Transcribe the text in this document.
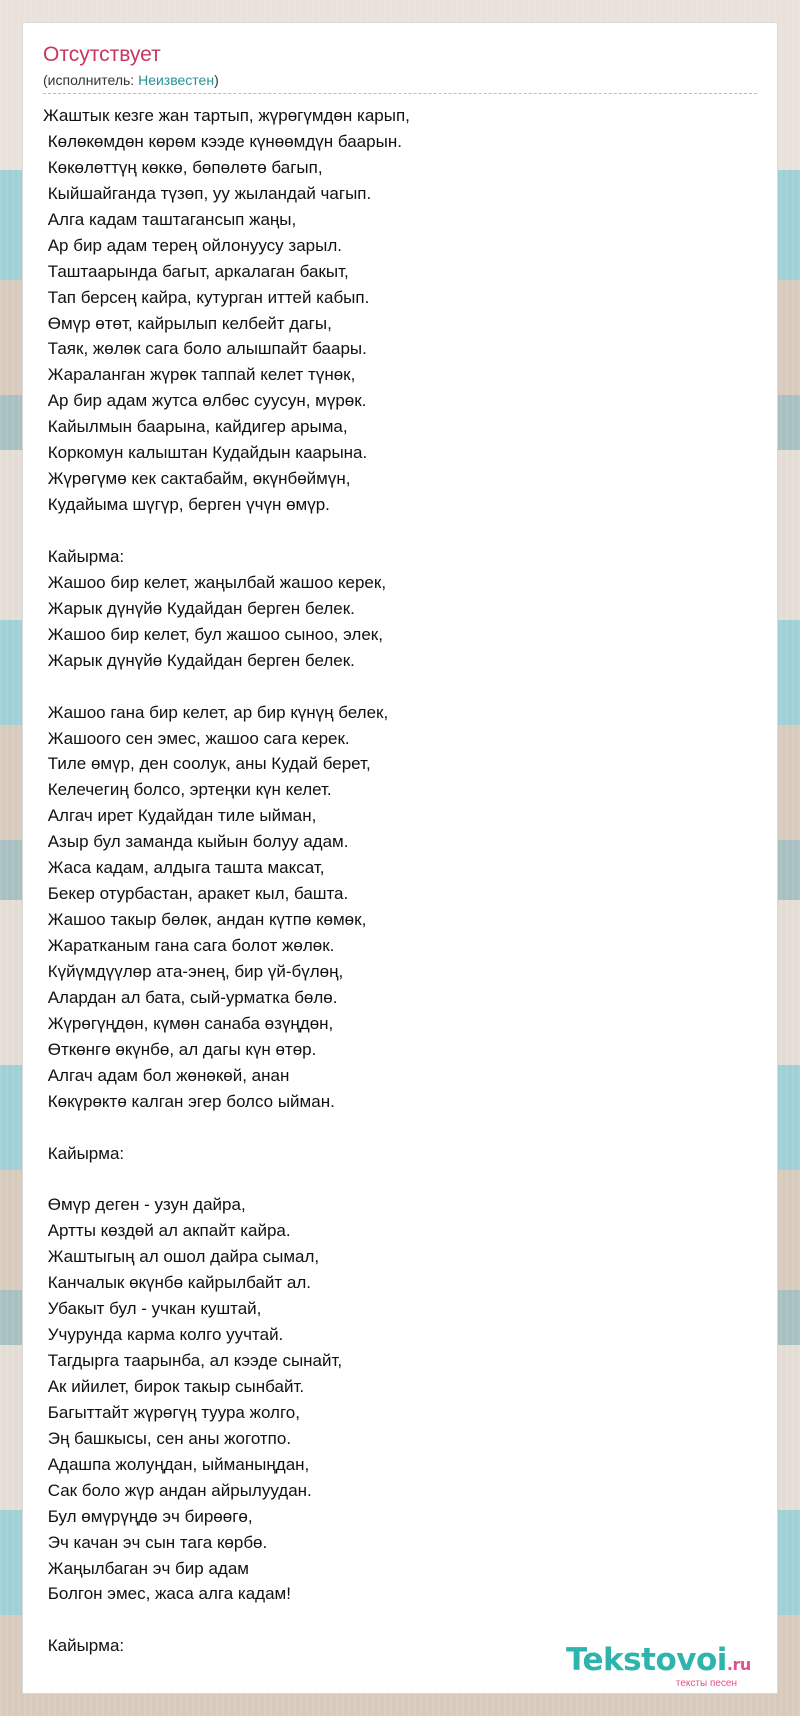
Отсутствует
(исполнитель: Неизвестен)
Жаштык кезге жан тартып, жүрөгүмдөн карып,
Көлөкөмдөн көрөм кээде күнөөмдүн баарын.
Көкөлөттүң көккө, бөпөлөтө багып,
Кыйшайганда түзөп, уу жыландай чагып.
Алга кадам таштагансып жаңы,
Ар бир адам терең ойлонуусу зарыл.
Таштаарында багыт, аркалаган бакыт,
Тап берсең кайра, кутурган иттей кабып.
Өмүр өтөт, кайрылып келбейт дагы,
Таяк, жөлөк сага боло алышпайт баары.
Жараланган жүрөк таппай келет түнөк,
Ар бир адам жутса өлбөс суусун, мүрөк.
Кайылмын баарына, кайдигер арыма,
Коркомун калыштан Кудайдын каарына.
Жүрөгүмө кек сактабайм, өкүнбөймүн,
Кудайыма шүгүр, берген үчүн өмүр.
Кайырма:
Жашоо бир келет, жаңылбай жашоо керек,
Жарык дүнүйө Кудайдан берген белек.
Жашоо бир келет, бул жашоо сыноо, элек,
Жарык дүнүйө Кудайдан берген белек.
Жашоо гана бир келет, ар бир күнүң белек,
Жашоого сен эмес, жашоо сага керек.
Тиле өмүр, ден соолук, аны Кудай берет,
Келечегиң болсо, эртеңки күн келет.
Алгач ирет Кудайдан тиле ыйман,
Азыр бул заманда кыйын болуу адам.
Жаса кадам, алдыга ташта максат,
Бекер отурбастан, аракет кыл, башта.
Жашоо такыр бөлөк, андан күтпө көмөк,
Жаратканым гана сага болот жөлөк.
Күйүмдүүлөр ата-энең, бир үй-бүлөң,
Алардан ал бата, сый-урматка бөлө.
Жүрөгүңдөн, күмөн санаба өзүңдөн,
Өткөнгө өкүнбө, ал дагы күн өтөр.
Алгач адам бол жөнөкөй, анан
Көкүрөктө калган эгер болсо ыйман.
Кайырма:
Өмүр деген - узун дайра,
Артты көздөй ал акпайт кайра.
Жаштыгың ал ошол дайра сымал,
Канчалык өкүнбө кайрылбайт ал.
Убакыт бул - учкан куштай,
Учурунда карма колго уучтай.
Тагдырга таарынба, ал кээде сынайт,
Ак ийилет, бирок такыр сынбайт.
Багыттайт жүрөгүң туура жолго,
Эң башкысы, сен аны жоготпо.
Адашпа жолуңдан, ыйманыңдан,
Сак боло жүр андан айрылуудан.
Бул өмүрүңдө эч бирөөгө,
Эч качан эч сын тага көрбө.
Жаңылбаган эч бир адам
Болгон эмес, жаса алга кадам!
Кайырма:	Tekstovoi.ru
тексты песен
